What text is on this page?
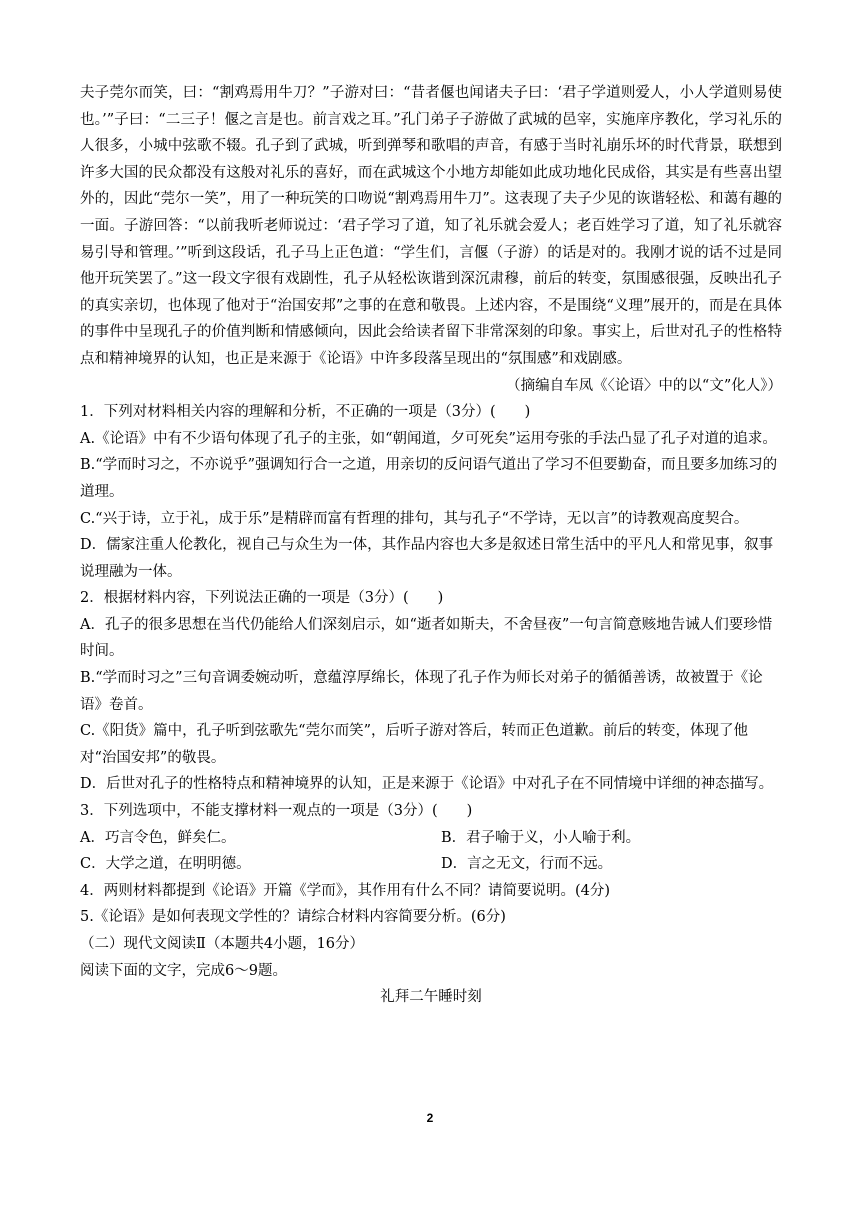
夫子莞尔而笑，曰：“割鸡焉用牛刀？”子游对曰：“昔者偃也闻诸夫子曰：‘君子学道则爱人，小人学道则易使也。’”子曰：“二三子！偃之言是也。前言戏之耳。”孔门弟子子游做了武城的邑宰，实施庠序教化，学习礼乐的人很多，小城中弦歌不辍。孔子到了武城，听到弹琴和歌唱的声音，有感于当时礼崩乐坏的时代背景，联想到许多大国的民众都没有这般对礼乐的喜好，而在武城这个小地方却能如此成功地化民成俗，其实是有些喜出望外的，因此“莞尔一笑”，用了一种玩笑的口吻说“割鸡焉用牛刀”。这表现了夫子少见的诙谐轻松、和蔼有趣的一面。子游回答：“以前我听老师说过：‘君子学习了道，知了礼乐就会爱人；老百姓学习了道，知了礼乐就容易引导和管理。’”听到这段话，孔子马上正色道：“学生们，言偃（子游）的话是对的。我刚才说的话不过是同他开玩笑罢了。”这一段文字很有戏剧性，孔子从轻松诙谐到深沉肃穆，前后的转变，氛围感很强，反映出孔子的真实亲切，也体现了他对于“治国安邦”之事的在意和敬畏。上述内容，不是围绕“义理”展开的，而是在具体的事件中呈现孔子的价值判断和情感倾向，因此会给读者留下非常深刻的印象。事实上，后世对孔子的性格特点和精神境界的认知，也正是来源于《论语》中许多段落呈现出的“氛围感”和戏剧感。

（摘编自车凤《〈论语〉中的以“文”化人》）

1．下列对材料相关内容的理解和分析，不正确的一项是（3分）(　　)

A.《论语》中有不少语句体现了孔子的主张，如“朝闻道，夕可死矣”运用夸张的手法凸显了孔子对道的追求。

B.“学而时习之，不亦说乎”强调知行合一之道，用亲切的反问语气道出了学习不但要勤奋，而且要多加练习的道理。

C.“兴于诗，立于礼，成于乐”是精辟而富有哲理的排句，其与孔子“不学诗，无以言”的诗教观高度契合。

D．儒家注重人伦教化，视自己与众生为一体，其作品内容也大多是叙述日常生活中的平凡人和常见事，叙事说理融为一体。

2．根据材料内容，下列说法正确的一项是（3分）(　　)

A．孔子的很多思想在当代仍能给人们深刻启示，如“逝者如斯夫，不舍昼夜”一句言简意赅地告诫人们要珍惜时间。

B.“学而时习之”三句音调委婉动听，意蕴淳厚绵长，体现了孔子作为师长对弟子的循循善诱，故被置于《论语》卷首。

C.《阳货》篇中，孔子听到弦歌先“莞尔而笑”，后听子游对答后，转而正色道歉。前后的转变，体现了他对“治国安邦”的敬畏。

D．后世对孔子的性格特点和精神境界的认知，正是来源于《论语》中对孔子在不同情境中详细的神态描写。

3．下列选项中，不能支撑材料一观点的一项是（3分）(　　)

A．巧言令色，鲜矣仁。	B．君子喻于义，小人喻于利。
C．大学之道，在明明德。	D．言之无文，行而不远。

4．两则材料都提到《论语》开篇《学而》，其作用有什么不同？请简要说明。(4分)

5.《论语》是如何表现文学性的？请综合材料内容简要分析。(6分)

（二）现代文阅读Ⅱ（本题共4小题，16分）

阅读下面的文字，完成6～9题。

礼拜二午睡时刻

2
